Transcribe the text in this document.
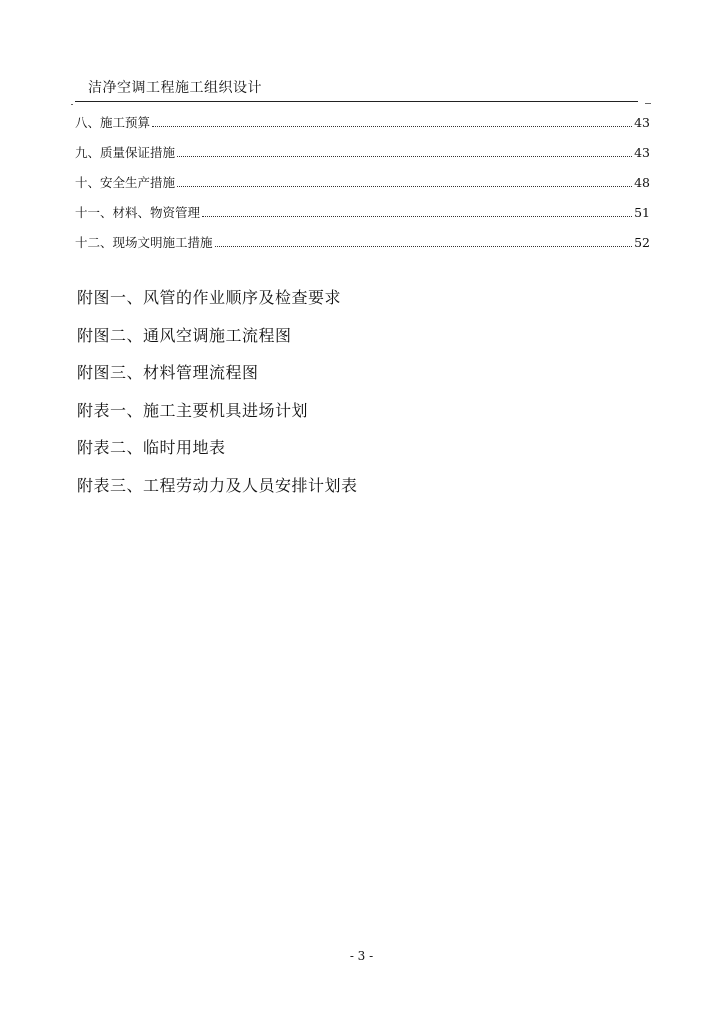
洁净空调工程施工组织设计
八、施工预算	43
九、质量保证措施	43
十、安全生产措施	48
十一、材料、物资管理	51
十二、现场文明施工措施	52
附图一、风管的作业顺序及检查要求
附图二、通风空调施工流程图
附图三、材料管理流程图
附表一、施工主要机具进场计划
附表二、临时用地表
附表三、工程劳动力及人员安排计划表
- 3 -
